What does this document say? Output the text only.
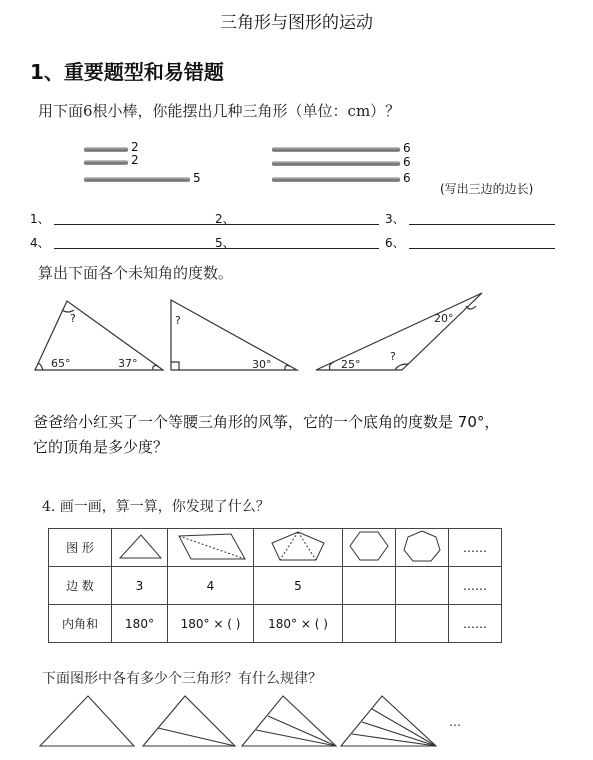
三角形与图形的运动
1、重要题型和易错题
用下面6根小棒，你能摆出几种三角形（单位：cm）？
2
2
5
6
6
6
(写出三边的边长)
1、	2、	3、
4、	5、	6、
算出下面各个未知角的度数。
?
65°	37°
?
30°
20°
25°
?
爸爸给小红买了一个等腰三角形的风筝，它的一个底角的度数是 70°，
它的顶角是多少度？
4. 画一画，算一算，你发现了什么？
图 形						……
边 数	3	4	5			……
内角和	180°	180° × ( )	180° × ( )			……
下面图形中各有多少个三角形？有什么规律？
…
